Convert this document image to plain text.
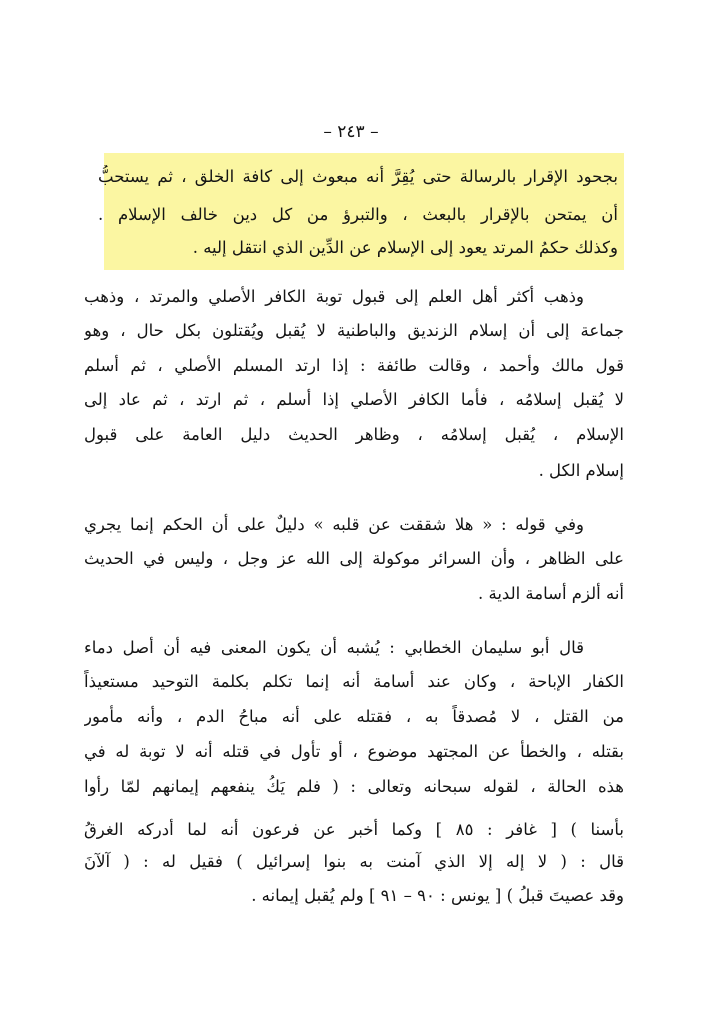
– ٢٤٣ –
بجحود الإقرار بالرسالة حتى يُقِرَّ أنه مبعوث إلى كافة الخلق ، ثم يستحبُّ
أن يمتحن بالإقرار بالبعث ، والتبرؤ من كل دين خالف الإسلام .
وكذلك حكمُ المرتد يعود إلى الإسلام عن الدِّين الذي انتقل إليه .
وذهب أكثر أهل العلم إلى قبول توبة الكافر الأصلي والمرتد ، وذهب
جماعة إلى أن إسلام الزنديق والباطنية لا يُقبل ويُقتلون بكل حال ، وهو
قول مالك وأحمد ، وقالت طائفة : إذا ارتد المسلم الأصلي ، ثم أسلم
لا يُقبل إسلامُه ، فأما الكافر الأصلي إذا أسلم ، ثم ارتد ، ثم عاد إلى
الإسلام ، يُقبل إسلامُه ، وظاهر الحديث دليل العامة على قبول
إسلام الكل .
وفي قوله : « هلا شققت عن قلبه » دليلٌ على أن الحكم إنما يجري
على الظاهر ، وأن السرائر موكولة إلى الله عز وجل ، وليس في الحديث
أنه ألزم أسامة الدية .
قال أبو سليمان الخطابي : يُشبه أن يكون المعنى فيه أن أصل دماء
الكفار الإباحة ، وكان عند أسامة أنه إنما تكلم بكلمة التوحيد مستعيذاً
من القتل ، لا مُصدقاً به ، فقتله على أنه مباحُ الدم ، وأنه مأمور
بقتله ، والخطأ عن المجتهد موضوع ، أو تأول في قتله أنه لا توبة له في
هذه الحالة ، لقوله سبحانه وتعالى : ( فلم يَكُ ينفعهم إيمانهم لمّا رأوا
بأسنا ) [ غافر : ٨٥ ] وكما أخبر عن فرعون أنه لما أدركه الغرقُ
قال : ( لا إله إلا الذي آمنت به بنوا إسرائيل ) فقيل له : ( آلآنَ
وقد عصيتَ قبلُ ) [ يونس : ٩٠ – ٩١ ] ولم يُقبل إيمانه .
